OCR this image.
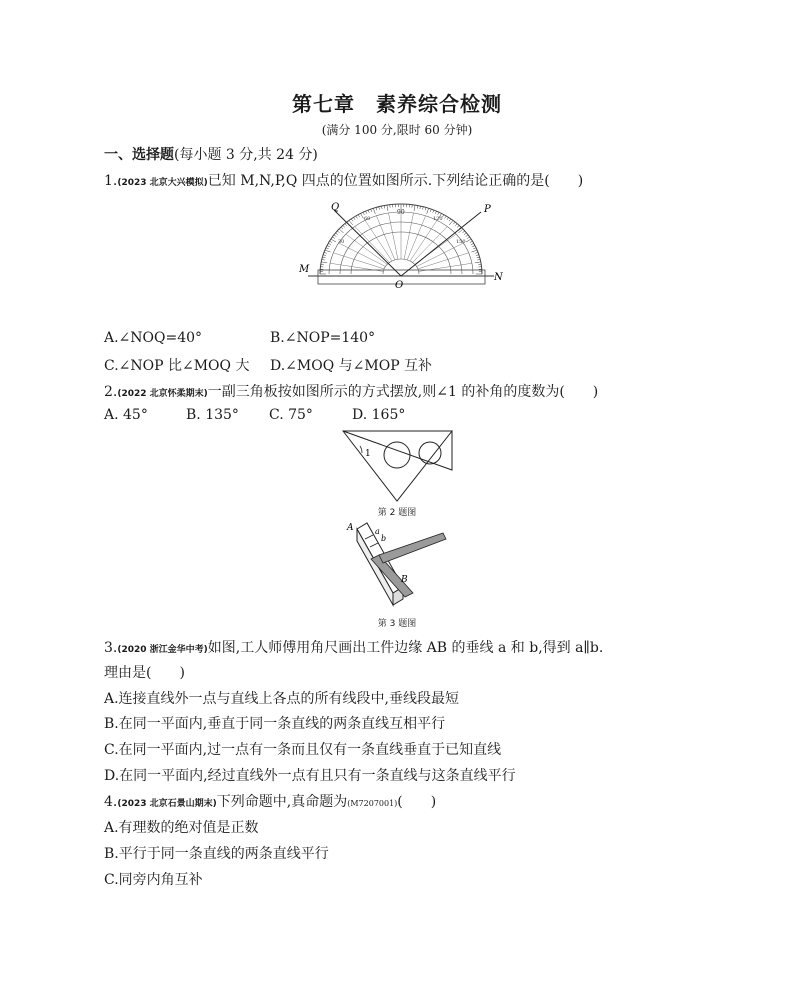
第七章　素养综合检测
(满分 100 分,限时 60 分钟)
一、选择题(每小题 3 分,共 24 分)
1.(2023 北京大兴模拟)已知 M,N,P,Q 四点的位置如图所示.下列结论正确的是(　　)
90
60	120
30	150
M
N
P
Q
O
A.∠NOQ=40°	B.∠NOP=140°
C.∠NOP 比∠MOQ 大 D.∠MOQ 与∠MOP 互补
2.(2022 北京怀柔期末)一副三角板按如图所示的方式摆放,则∠1 的补角的度数为(　　)
A. 45°	B. 135° C. 75°	D. 165°
1
第 2 题图
A
B
a
b
第 3 题图
3.(2020 浙江金华中考)如图,工人师傅用角尺画出工件边缘 AB 的垂线 a 和 b,得到 a∥b.
理由是(　　)
A.连接直线外一点与直线上各点的所有线段中,垂线段最短
B.在同一平面内,垂直于同一条直线的两条直线互相平行
C.在同一平面内,过一点有一条而且仅有一条直线垂直于已知直线
D.在同一平面内,经过直线外一点有且只有一条直线与这条直线平行
4.(2023 北京石景山期末)下列命题中,真命题为(M7207001)(　　)
A.有理数的绝对值是正数
B.平行于同一条直线的两条直线平行
C.同旁内角互补
